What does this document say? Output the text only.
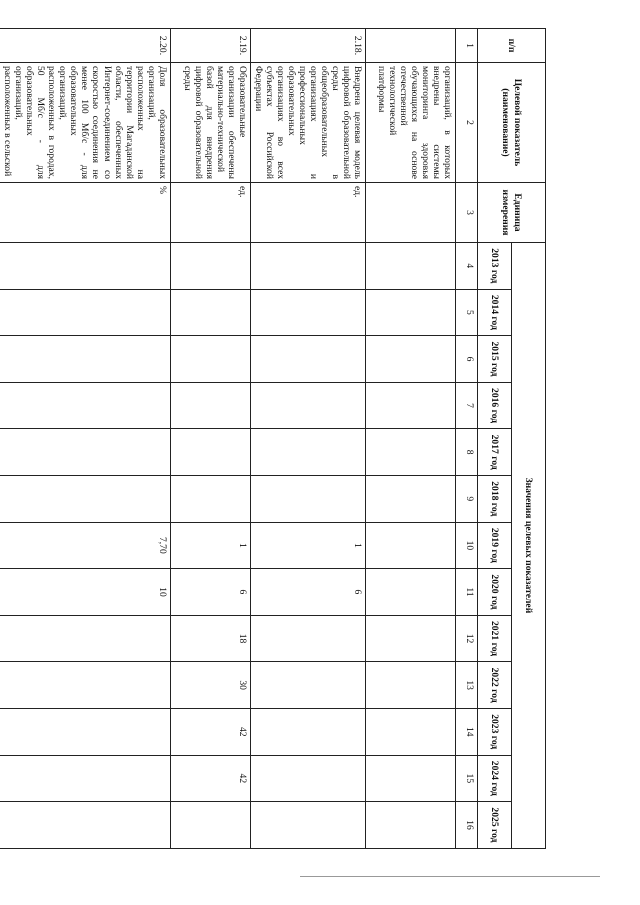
п/п	Целевой показатель (наименование)	Единица измерения	Значения целевых показателей												
			2013 год	2014 год	2015 год	2016 год	2017 год	2018 год	2019 год	2020 год	2021 год	2022 год	2023 год	2024 год	2025 год
1	2	3	4	5	6	7	8	9	10	11	12	13	14	15	16
	организаций, в которых внедрены системы мониторинга здоровья обучающихся на основе отечественной технологической платформы														
2.18.	Внедрена целевая модель цифровой образовательной среды в общеобразовательных организациях и профессиональных образовательных организациях во всех субъектах Российской Федерации	ед.							1	6					
2.19.	Образовательные организации обеспечены материально-технической базой для внедрения цифровой образовательной среды	ед.							1	6	18	30	42	42	
2.20.	Доля образовательных организаций, расположенных на территории Магаданской области, обеспеченных Интернет-соединением со скоростью соединения не менее 100 Мб/с - для образовательных организаций, расположенных в городах, 50 Мб/с - для образовательных организаций, расположенных в сельской	%							7,70	10					
